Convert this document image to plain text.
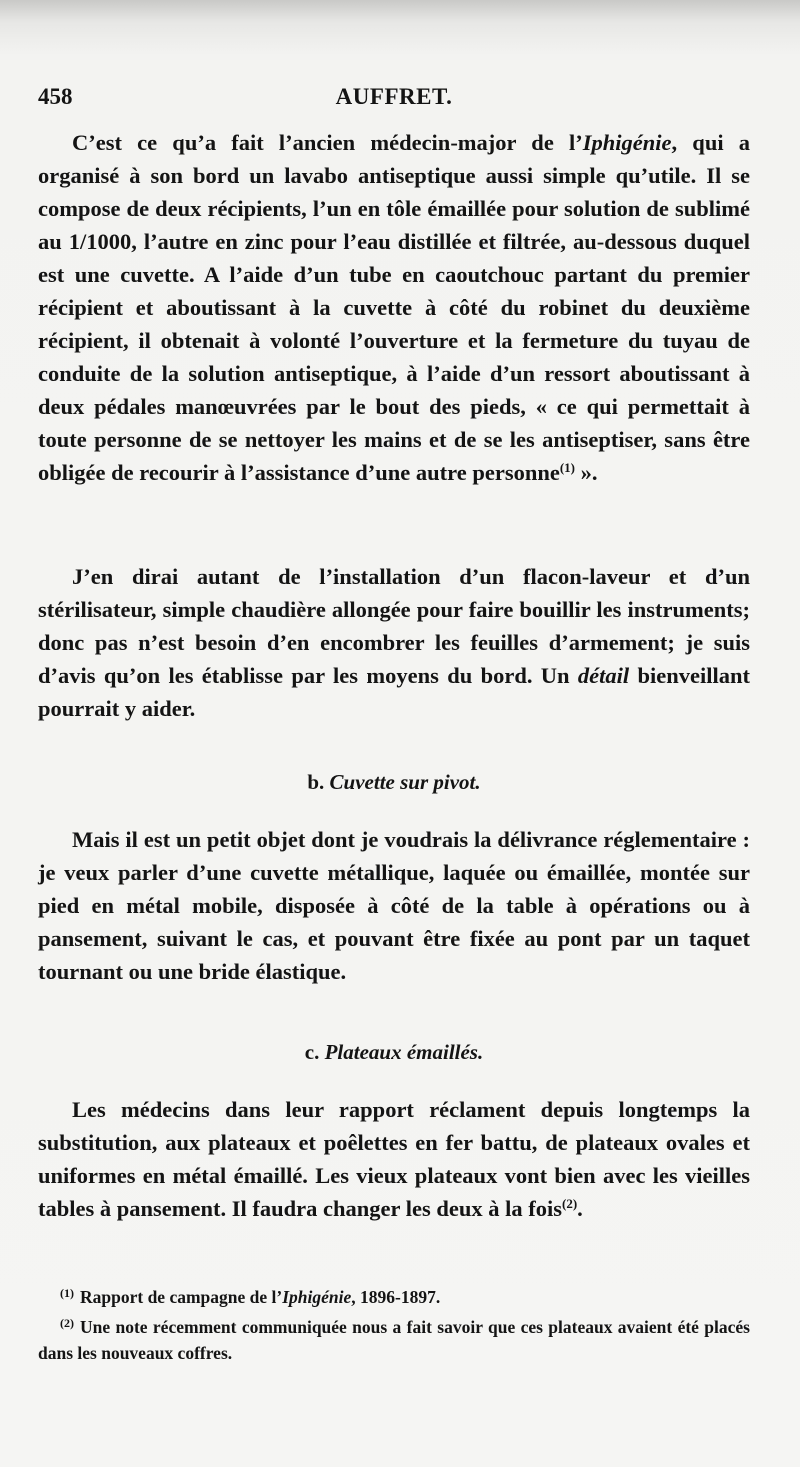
458	AUFFRET.

C’est ce qu’a fait l’ancien médecin-major de l’Iphigénie, qui a organisé à son bord un lavabo antiseptique aussi simple qu’utile. Il se compose de deux récipients, l’un en tôle émaillée pour solution de sublimé au 1/1000, l’autre en zinc pour l’eau distillée et filtrée, au-dessous duquel est une cuvette. A l’aide d’un tube en caoutchouc partant du premier récipient et aboutissant à la cuvette à côté du robinet du deuxième récipient, il obtenait à volonté l’ouverture et la fermeture du tuyau de conduite de la solution antiseptique, à l’aide d’un ressort aboutissant à deux pédales manœuvrées par le bout des pieds, « ce qui permettait à toute personne de se nettoyer les mains et de se les antiseptiser, sans être obligée de recourir à l’assistance d’une autre personne$^{(1)}$ ».

J’en dirai autant de l’installation d’un flacon-laveur et d’un stérilisateur, simple chaudière allongée pour faire bouillir les instruments; donc pas n’est besoin d’en encombrer les feuilles d’armement; je suis d’avis qu’on les établisse par les moyens du bord. Un détail bienveillant pourrait y aider.

b. Cuvette sur pivot.

Mais il est un petit objet dont je voudrais la délivrance réglementaire : je veux parler d’une cuvette métallique, laquée ou émaillée, montée sur pied en métal mobile, disposée à côté de la table à opérations ou à pansement, suivant le cas, et pouvant être fixée au pont par un taquet tournant ou une bride élastique.

c. Plateaux émaillés.

Les médecins dans leur rapport réclament depuis longtemps la substitution, aux plateaux et poêlettes en fer battu, de plateaux ovales et uniformes en métal émaillé. Les vieux plateaux vont bien avec les vieilles tables à pansement. Il faudra changer les deux à la fois$^{(2)}$.

$^{(1)}$ Rapport de campagne de l’Iphigénie, 1896-1897.

$^{(2)}$ Une note récemment communiquée nous a fait savoir que ces plateaux avaient été placés dans les nouveaux coffres.
